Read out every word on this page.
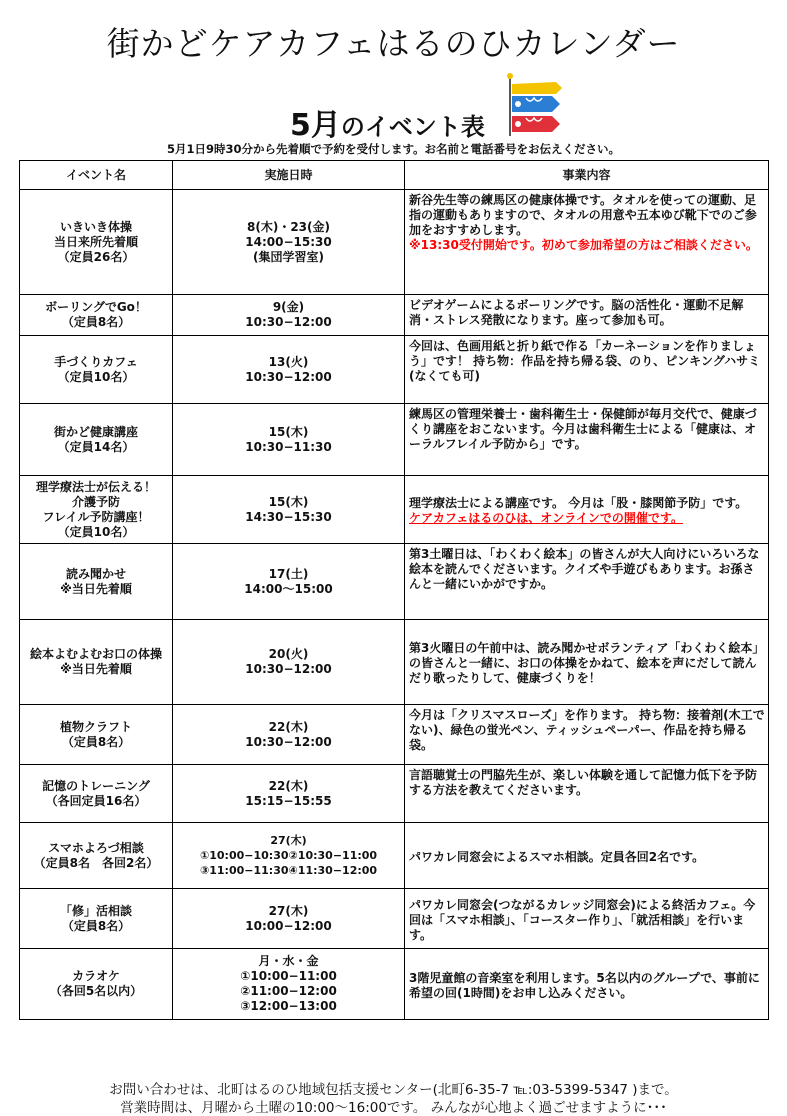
街かどケアカフェはるのひカレンダー
5月のイベント表
5月1日9時30分から先着順で予約を受付します。お名前と電話番号をお伝えください。
イベント名	実施日時	事業内容

いきいき体操
当日来所先着順
（定員26名）	8(木)・23(金)
14:00−15:30
(集団学習室)	新谷先生等の練馬区の健康体操です。タオルを使っての運動、足指の運動もありますので、タオルの用意や五本ゆび靴下でのご参加をおすすめします。
※13:30受付開始です。初めて参加希望の方はご相談ください。

ボーリングでGo！
（定員8名）	9(金)
10:30−12:00	ビデオゲームによるボーリングです。脳の活性化・運動不足解消・ストレス発散になります。座って参加も可。

手づくりカフェ
（定員10名）	13(火)
10:30−12:00	今回は、色画用紙と折り紙で作る「カーネーションを作りましょう」です！ 持ち物：作品を持ち帰る袋、のり、ピンキングハサミ(なくても可)

街かど健康講座
（定員14名）	15(木)
10:30−11:30	練馬区の管理栄養士・歯科衛生士・保健師が毎月交代で、健康づくり講座をおこないます。今月は歯科衛生士による「健康は、オーラルフレイル予防から」です。

理学療法士が伝える！
介護予防
フレイル予防講座！
（定員10名）	15(木)
14:30−15:30	理学療法士による講座です。 今月は「股・膝関節予防」です。
ケアカフェはるのひは、オンラインでの開催です。

読み聞かせ
※当日先着順	17(土)
14:00〜15:00	第3土曜日は、「わくわく絵本」の皆さんが大人向けにいろいろな絵本を読んでくださいます。クイズや手遊びもあります。お孫さんと一緒にいかがですか。

絵本よむよむお口の体操
※当日先着順	20(火)
10:30−12:00	第3火曜日の午前中は、読み聞かせボランティア「わくわく絵本」の皆さんと一緒に、お口の体操をかねて、絵本を声にだして読んだり歌ったりして、健康づくりを！

植物クラフト
（定員8名）	22(木)
10:30−12:00	今月は「クリスマスローズ」を作ります。 持ち物：接着剤(木工でない)、緑色の蛍光ペン、ティッシュペーパー、作品を持ち帰る袋。

記憶のトレーニング
（各回定員16名）	22(木)
15:15−15:55	言語聴覚士の門脇先生が、楽しい体験を通して記憶力低下を予防する方法を教えてくださいます。

スマホよろづ相談
（定員8名　各回2名）	27(木)
①10:00−10:30②10:30−11:00
③11:00−11:30④11:30−12:00	パワカレ同窓会によるスマホ相談。定員各回2名です。

「修」活相談
（定員8名）	27(木)
10:00−12:00	パワカレ同窓会(つながるカレッジ同窓会)による終活カフェ。今回は「スマホ相談」、「コースター作り」、「就活相談」を行います。

カラオケ
（各回5名以内）	月・水・金
①10:00−11:00
②11:00−12:00
③12:00−13:00	3階児童館の音楽室を利用します。5名以内のグループで、事前に希望の回(1時間)をお申し込みください。
お問い合わせは、北町はるのひ地域包括支援センター(北町6-35-7 ℡:03-5399-5347 )まで。
営業時間は、月曜から土曜の10:00〜16:00です。 みんなが心地よく過ごせますように･･･
